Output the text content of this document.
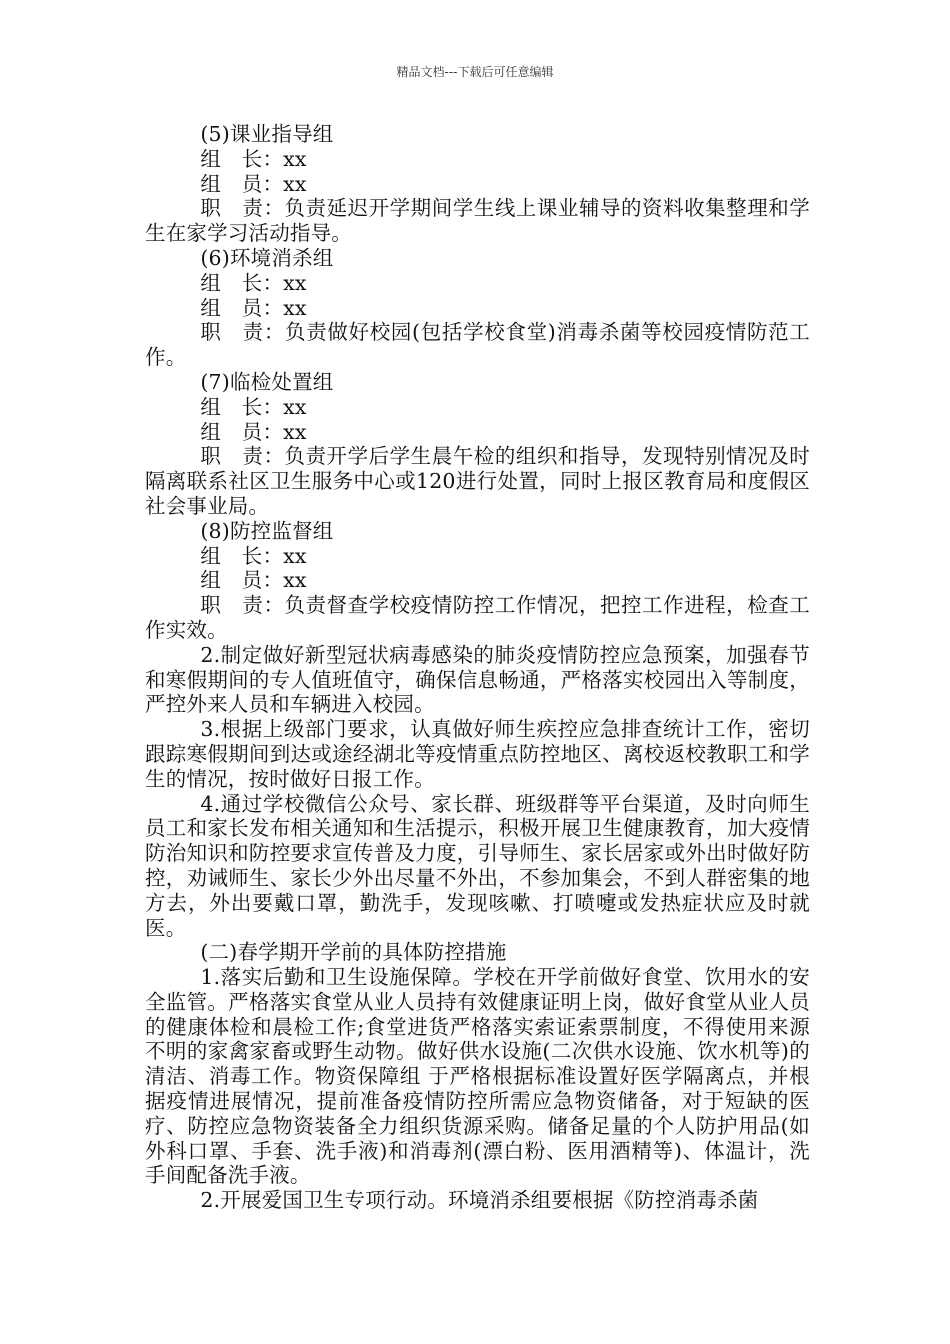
精品文档---下载后可任意编辑

(5)课业指导组

组　长：xx

组　员：xx

职　责：负责延迟开学期间学生线上课业辅导的资料收集整理和学生在家学习活动指导。

(6)环境消杀组

组　长：xx

组　员：xx

职　责：负责做好校园(包括学校食堂)消毒杀菌等校园疫情防范工作。

(7)临检处置组

组　长：xx

组　员：xx

职　责：负责开学后学生晨午检的组织和指导，发现特别情况及时隔离联系社区卫生服务中心或120进行处置，同时上报区教育局和度假区社会事业局。

(8)防控监督组

组　长：xx

组　员：xx

职　责：负责督查学校疫情防控工作情况，把控工作进程，检查工作实效。

2.制定做好新型冠状病毒感染的肺炎疫情防控应急预案，加强春节和寒假期间的专人值班值守，确保信息畅通，严格落实校园出入等制度，严控外来人员和车辆进入校园。

3.根据上级部门要求，认真做好师生疾控应急排查统计工作，密切跟踪寒假期间到达或途经湖北等疫情重点防控地区、离校返校教职工和学生的情况，按时做好日报工作。

4.通过学校微信公众号、家长群、班级群等平台渠道，及时向师生员工和家长发布相关通知和生活提示，积极开展卫生健康教育，加大疫情防治知识和防控要求宣传普及力度，引导师生、家长居家或外出时做好防控，劝诫师生、家长少外出尽量不外出，不参加集会，不到人群密集的地方去，外出要戴口罩，勤洗手，发现咳嗽、打喷嚏或发热症状应及时就医。

(二)春学期开学前的具体防控措施

1.落实后勤和卫生设施保障。学校在开学前做好食堂、饮用水的安全监管。严格落实食堂从业人员持有效健康证明上岗，做好食堂从业人员的健康体检和晨检工作;食堂进货严格落实索证索票制度，不得使用来源不明的家禽家畜或野生动物。做好供水设施(二次供水设施、饮水机等)的清洁、消毒工作。物资保障组 于严格根据标准设置好医学隔离点，并根据疫情进展情况，提前准备疫情防控所需应急物资储备，对于短缺的医疗、防控应急物资装备全力组织货源采购。储备足量的个人防护用品(如外科口罩、手套、洗手液)和消毒剂(漂白粉、医用酒精等)、体温计，洗手间配备洗手液。

2.开展爱国卫生专项行动。环境消杀组要根据《防控消毒杀菌
